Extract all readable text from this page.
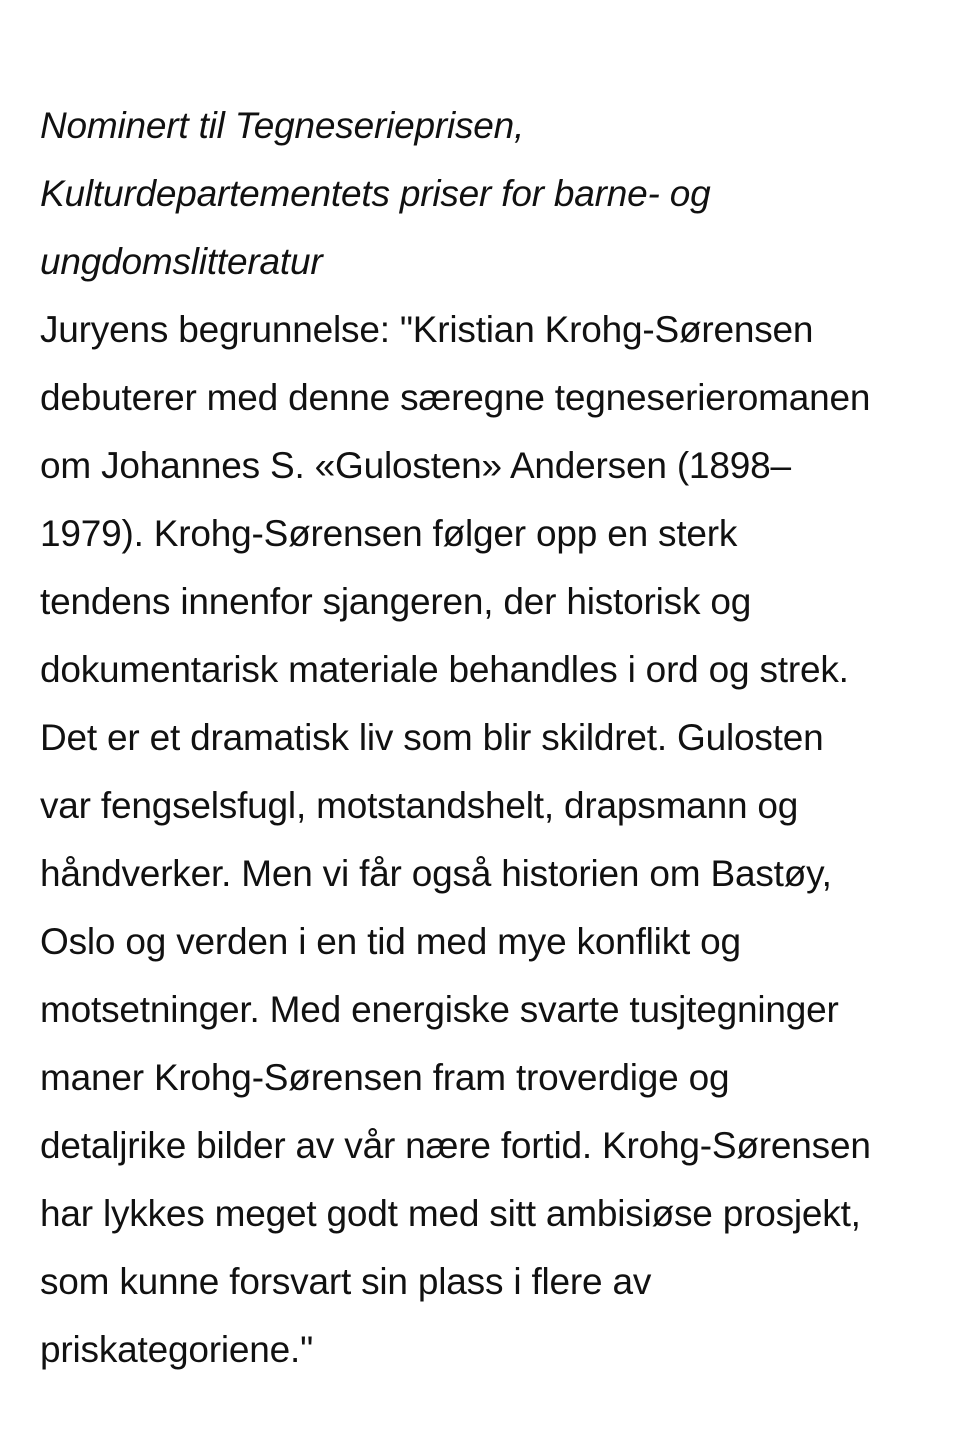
Nominert til Tegneserieprisen,
Kulturdepartementets priser for barne- og
ungdomslitteratur
Juryens begrunnelse: "Kristian Krohg-Sørensen
debuterer med denne særegne tegneserieromanen
om Johannes S. «Gulosten» Andersen (1898–
1979). Krohg-Sørensen følger opp en sterk
tendens innenfor sjangeren, der historisk og
dokumentarisk materiale behandles i ord og strek.
Det er et dramatisk liv som blir skildret. Gulosten
var fengselsfugl, motstandshelt, drapsmann og
håndverker. Men vi får også historien om Bastøy,
Oslo og verden i en tid med mye konflikt og
motsetninger. Med energiske svarte tusjtegninger
maner Krohg-Sørensen fram troverdige og
detaljrike bilder av vår nære fortid. Krohg-Sørensen
har lykkes meget godt med sitt ambisiøse prosjekt,
som kunne forsvart sin plass i flere av
priskategoriene."
